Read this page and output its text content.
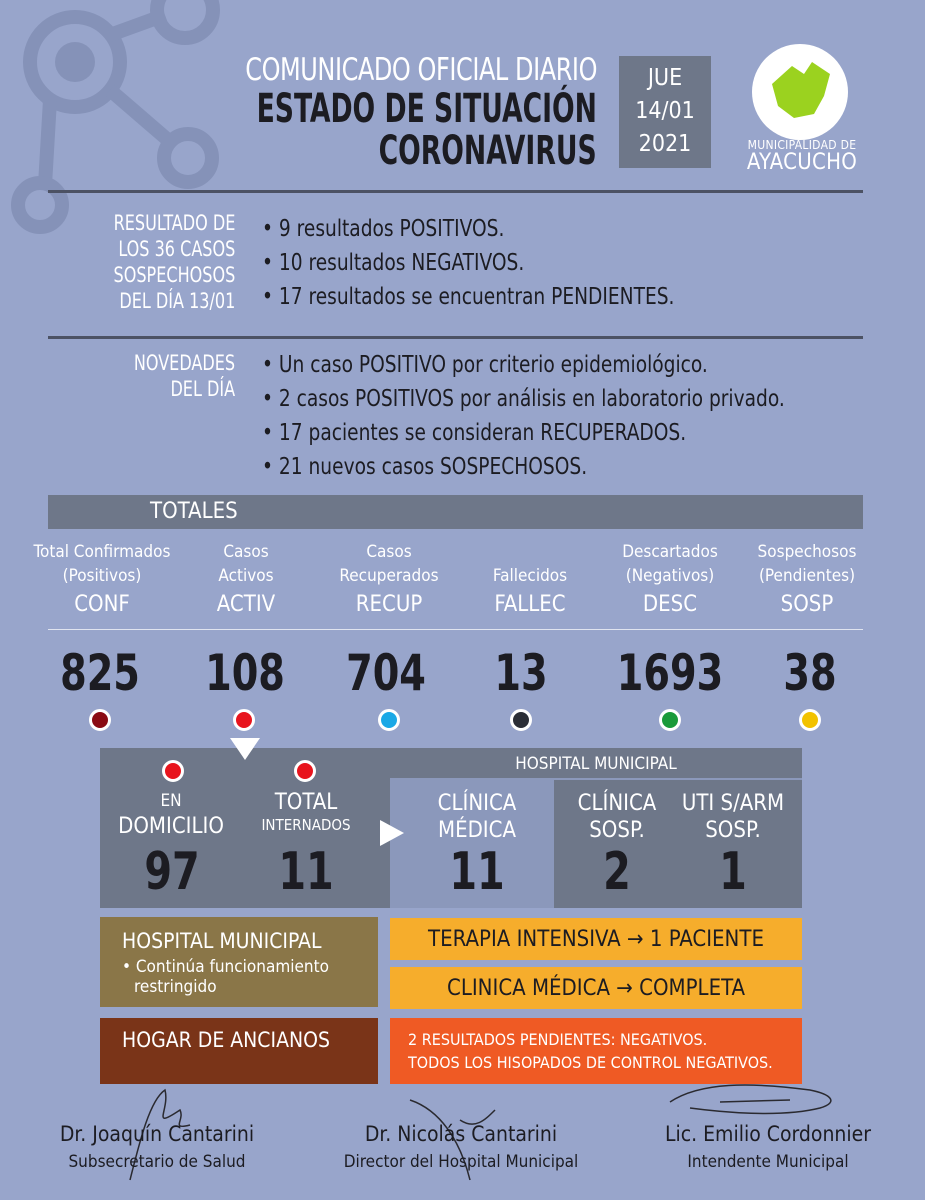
COMUNICADO OFICIAL DIARIO
ESTADO DE SITUACIÓN
CORONAVIRUS
JUE
14/01
2021	MUNICIPALIDAD DE
AYACUCHO
RESULTADO DE
LOS 36 CASOS
SOSPECHOSOS
DEL DÍA 13/01
• 9 resultados POSITIVOS.
• 10 resultados NEGATIVOS.
• 17 resultados se encuentran PENDIENTES.
NOVEDADES
DEL DÍA
• Un caso POSITIVO por criterio epidemiológico.
• 2 casos POSITIVOS por análisis en laboratorio privado.
• 17 pacientes se consideran RECUPERADOS.
• 21 nuevos casos SOSPECHOSOS.
TOTALES
Total Confirmados
(Positivos)
CONF
Casos
Activos
ACTIV
Casos
Recuperados
RECUP

Fallecidos
FALLEC
Descartados
(Negativos)
DESC
Sospechosos
(Pendientes)
SOSP
825 108 704 13 1693 38
HOSPITAL MUNICIPAL
EN
DOMICILIO
TOTAL
INTERNADOS
CLÍNICA
MÉDICA
CLÍNICA
SOSP.
UTI S/ARM
SOSP.
97 11 11 2 1
HOSPITAL MUNICIPAL
• Continúa funcionamiento
restringido
HOGAR DE ANCIANOS
TERAPIA INTENSIVA → 1 PACIENTE
CLINICA MÉDICA → COMPLETA
2 RESULTADOS PENDIENTES: NEGATIVOS.
TODOS LOS HISOPADOS DE CONTROL NEGATIVOS.
Dr. Joaquín Cantarini
Subsecretario de Salud
Dr. Nicolás Cantarini
Director del Hospital Municipal
Lic. Emilio Cordonnier
Intendente Municipal
